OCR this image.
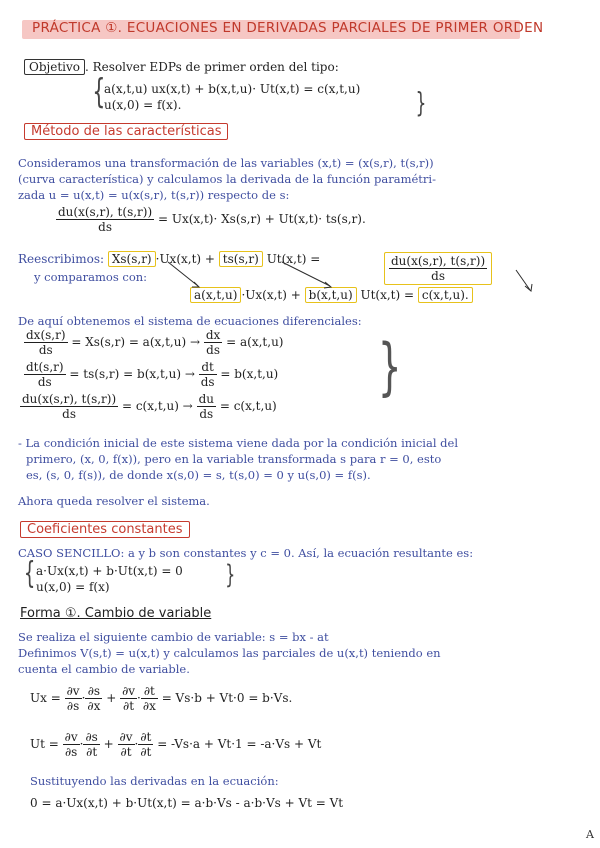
PRÁCTICA ①. ECUACIONES EN DERIVADAS PARCIALES DE PRIMER ORDEN
Objetivo . Resolver EDPs de primer orden del tipo:
{
a(x,t,u) ux(x,t) + b(x,t,u)· Ut(x,t) = c(x,t,u)
u(x,0) = f(x).	}
Método de las características
Consideramos una transformación de las variables (x,t) = (x(s,r), t(s,r))
(curva característica) y calculamos la derivada de la función paramétri-
zada u = u(x,t) = u(x(s,r), t(s,r)) respecto de s:
$\frac{du(x(s,r), t(s,r))}{ds} = Ux(x,t)\cdot Xs(s,r) + Ut(x,t)\cdot ts(s,r)$.
Reescribimos: Xs(s,r) ·Ux(x,t) + ts(s,r) Ut(x,t) =	$\frac{du(x(s,r), t(s,r))}{ds}$
y comparamos con:
a(x,t,u) ·Ux(x,t) + b(x,t,u) Ut(x,t) = c(x,t,u).
De aquí obtenemos el sistema de ecuaciones diferenciales:
$\frac{dx(s,r)}{ds} = Xs(s,r) = a(x,t,u) \to \frac{dx}{ds} = a(x,t,u)$
$\frac{dt(s,r)}{ds} = ts(s,r) = b(x,t,u) \to \frac{dt}{ds} = b(x,t,u)$
$\frac{du(x(s,r), t(s,r))}{ds} = c(x,t,u) \to \frac{du}{ds} = c(x,t,u)$
}
- La condición inicial de este sistema viene dada por la condición inicial del
primero, (x, 0, f(x)), pero en la variable transformada s para r = 0, esto
es, (s, 0, f(s)), de donde x(s,0) = s, t(s,0) = 0 y u(s,0) = f(s).
Ahora queda resolver el sistema.
Coeficientes constantes
CASO SENCILLO: a y b son constantes y c = 0. Así, la ecuación resultante es:
{ a·Ux(x,t) + b·Ut(x,t) = 0
u(x,0) = f(x)	}
Forma ①. Cambio de variable
Se realiza el siguiente cambio de variable: s = bx - at
Definimos V(s,t) = u(x,t) y calculamos las parciales de u(x,t) teniendo en
cuenta el cambio de variable.
$Ux = \frac{\partial v}{\partial s} \cdot \frac{\partial s}{\partial x} + \frac{\partial v}{\partial t} \cdot \frac{\partial t}{\partial x} = Vs\cdot b + Vt\cdot 0 = b\cdot Vs$.
$Ut = \frac{\partial v}{\partial s} \cdot \frac{\partial s}{\partial t} + \frac{\partial v}{\partial t} \cdot \frac{\partial t}{\partial t} = -Vs\cdot a + Vt\cdot 1 = -a\cdot Vs + Vt$
Sustituyendo las derivadas en la ecuación:
0 = a·Ux(x,t) + b·Ut(x,t) = a·b·Vs - a·b·Vs + Vt = Vt
A
